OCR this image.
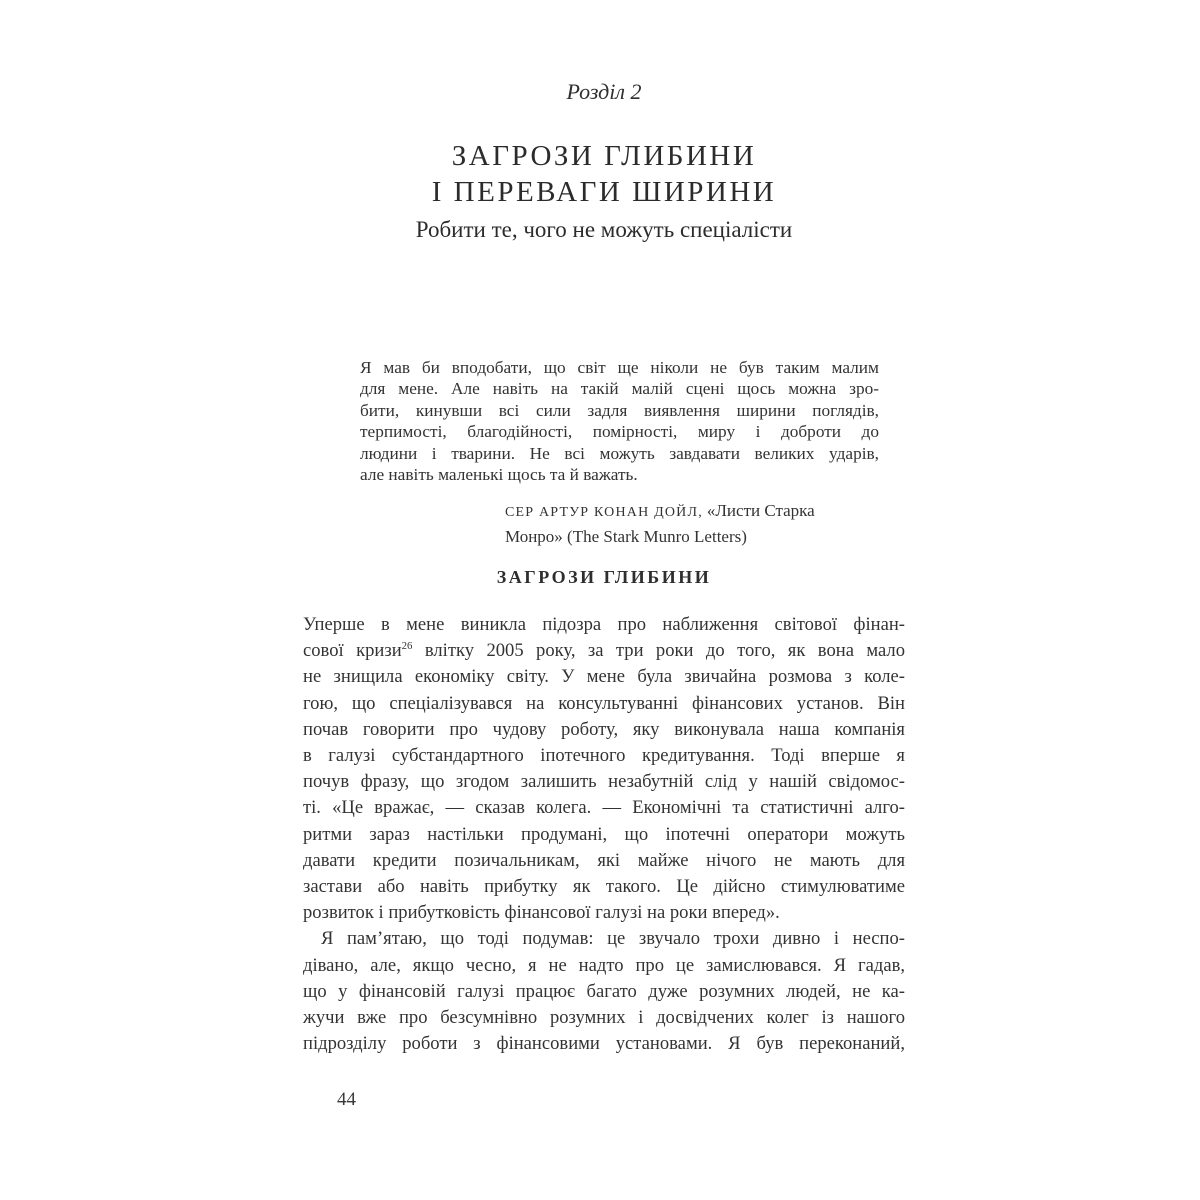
Розділ 2
ЗАГРОЗИ ГЛИБИНИ
І ПЕРЕВАГИ ШИРИНИ
Робити те, чого не можуть спеціалісти
Я мав би вподобати, що світ ще ніколи не був таким малим
для мене. Але навіть на такій малій сцені щось можна зро-
бити, кинувши всі сили задля виявлення ширини поглядів,
терпимості, благодійності, помірності, миру і доброти до
людини і тварини. Не всі можуть завдавати великих ударів,
але навіть маленькі щось та й важать.
СЕР АРТУР КОНАН ДОЙЛ, «Листи Старка
Монро» (The Stark Munro Letters)
ЗАГРОЗИ ГЛИБИНИ
Уперше в мене виникла підозра про наближення світової фінан-
сової кризи$^{26}$ влітку 2005 року, за три роки до того, як вона мало
не знищила економіку світу. У мене була звичайна розмова з коле-
гою, що спеціалізувався на консультуванні фінансових установ. Він
почав говорити про чудову роботу, яку виконувала наша компанія
в галузі субстандартного іпотечного кредитування. Тоді вперше я
почув фразу, що згодом залишить незабутній слід у нашій свідомос-
ті. «Це вражає, — сказав колега. — Економічні та статистичні алго-
ритми зараз настільки продумані, що іпотечні оператори можуть
давати кредити позичальникам, які майже нічого не мають для
застави або навіть прибутку як такого. Це дійсно стимулюватиме
розвиток і прибутковість фінансової галузі на роки вперед».
Я пам’ятаю, що тоді подумав: це звучало трохи дивно і неспо-
дівано, але, якщо чесно, я не надто про це замислювався. Я гадав,
що у фінансовій галузі працює багато дуже розумних людей, не ка-
жучи вже про безсумнівно розумних і досвідчених колег із нашого
підрозділу роботи з фінансовими установами. Я був переконаний,
44
